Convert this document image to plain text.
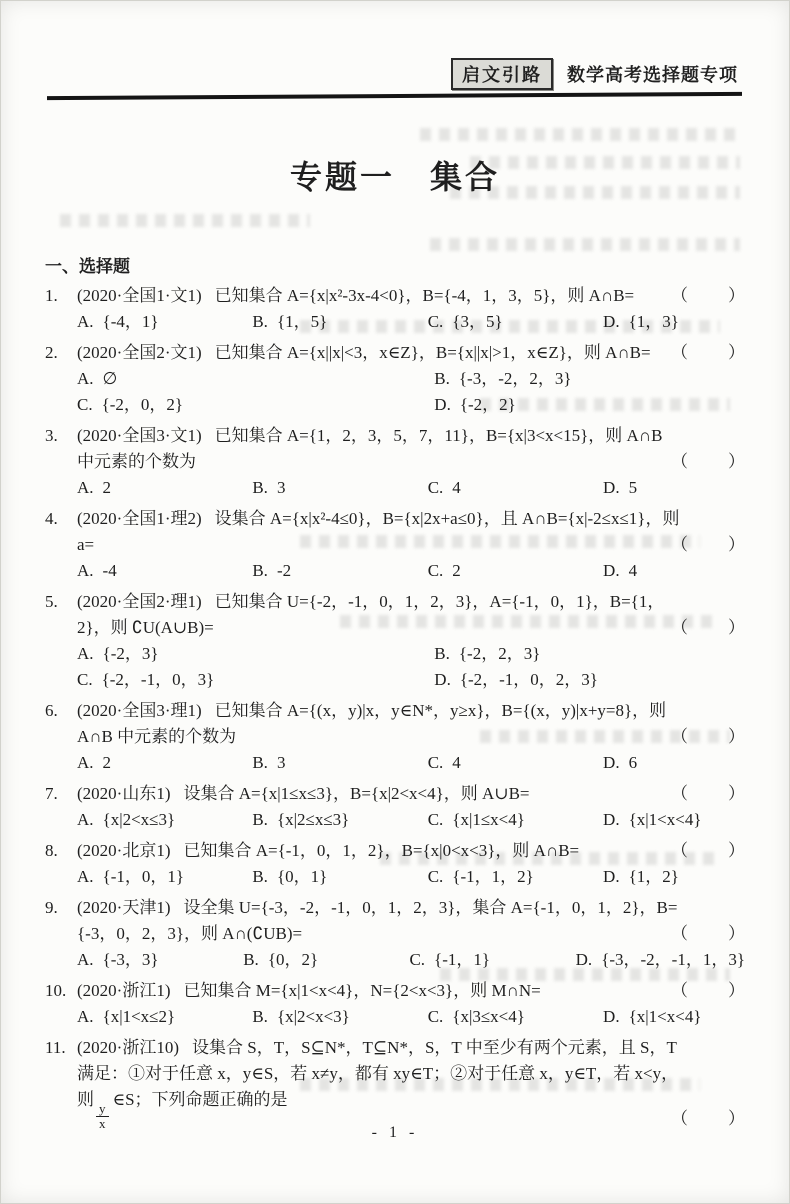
启文引路	数学高考选择题专项
专题一　集合
一、选择题
1. (2020·全国1·文1) 已知集合 A={x|x²-3x-4<0}，B={-4，1，3，5}，则 A∩B= （　　）

A. {-4，1}	B. {1，5}	C. {3，5}	D. {1，3}
2. (2020·全国2·文1) 已知集合 A={x||x|<3，x∈Z}，B={x||x|>1，x∈Z}，则 A∩B= （　　）

A. ∅	B. {-3，-2，2，3}
C. {-2，0，2}	D. {-2，2}
3. (2020·全国3·文1) 已知集合 A={1，2，3，5，7，11}，B={x|3<x<15}，则 A∩B 中元素的个数为	（　　）

A. 2	B. 3	C. 4	D. 5
4. (2020·全国1·理2) 设集合 A={x|x²-4≤0}，B={x|2x+a≤0}，且 A∩B={x|-2≤x≤1}，则 a=	（　　）

A. -4	B. -2	C. 2	D. 4
5. (2020·全国2·理1) 已知集合 U={-2，-1，0，1，2，3}，A={-1，0，1}，B={1，2}，则 ∁U(A∪B)=	（　　）

A. {-2，3}	B. {-2，2，3}
C. {-2，-1，0，3}	D. {-2，-1，0，2，3}
6. (2020·全国3·理1) 已知集合 A={(x，y)|x，y∈N*，y≥x}，B={(x，y)|x+y=8}，则 A∩B 中元素的个数为	（　　）

A. 2	B. 3	C. 4	D. 6
7. (2020·山东1) 设集合 A={x|1≤x≤3}，B={x|2<x<4}，则 A∪B=	（　　）

A. {x|2<x≤3}	B. {x|2≤x≤3}	C. {x|1≤x<4}	D. {x|1<x<4}
8. (2020·北京1) 已知集合 A={-1，0，1，2}，B={x|0<x<3}，则 A∩B=	（　　）

A. {-1，0，1}	B. {0，1}	C. {-1，1，2}	D. {1，2}
9. (2020·天津1) 设全集 U={-3，-2，-1，0，1，2，3}，集合 A={-1，0，1，2}，B={-3，0，2，3}，则 A∩(∁UB)=	（　　）

A. {-3，3}	B. {0，2}	C. {-1，1}	D. {-3，-2，-1，1，3}
10. (2020·浙江1) 已知集合 M={x|1<x<4}，N={2<x<3}，则 M∩N=	（　　）

A. {x|1<x≤2}	B. {x|2<x<3}	C. {x|3≤x<4}	D. {x|1<x<4}
11. (2020·浙江10) 设集合 S，T，S⊆N*，T⊆N*，S，T 中至少有两个元素，且 S，T 满足：①对于任意 x，y∈S，若 x≠y，都有 xy∈T；②对于任意 x，y∈T，若 x<y，则
$\frac{y}{x}$
∈S；下列命题正确的是
（　　）

- 1 -
